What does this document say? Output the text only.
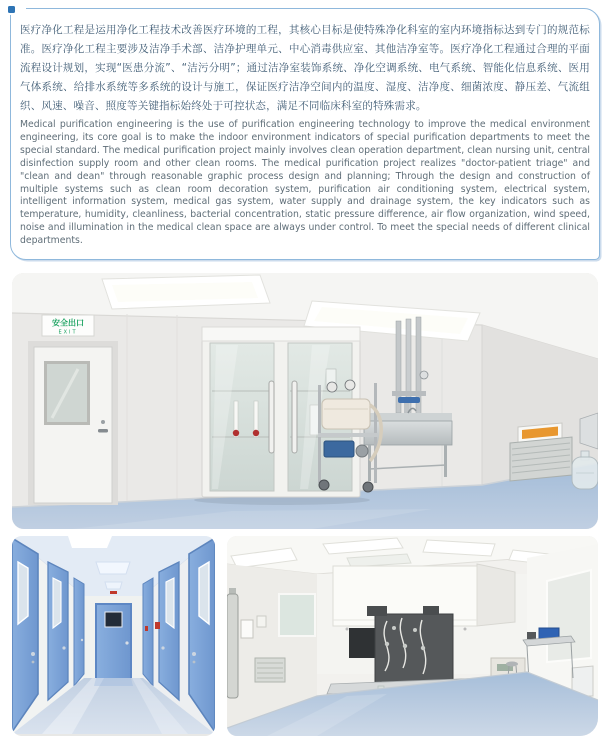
医疗净化工程是运用净化工程技术改善医疗环境的工程，其核心目标是使特殊净化科室的室内环境指标达到专门的规范标准。医疗净化工程主要涉及洁净手术部、洁净护理单元、中心消毒供应室、其他洁净室等。医疗净化工程通过合理的平面流程设计规划，实现“医患分流”、“洁污分明”；通过洁净室装饰系统、净化空调系统、电气系统、智能化信息系统、医用气体系统、给排水系统等多系统的设计与施工，保证医疗洁净空间内的温度、湿度、洁净度、细菌浓度、静压差、气流组织、风速、噪音、照度等关键指标始终处于可控状态，满足不同临床科室的特殊需求。

Medical purification engineering is the use of purification engineering technology to improve the medical environment engineering, its core goal is to make the indoor environment indicators of special purification departments to meet the special standard. The medical purification project mainly involves clean operation department, clean nursing unit, central disinfection supply room and other clean rooms. The medical purification project realizes "doctor-patient triage" and "clean and dean" through reasonable graphic process design and planning; Through the design and construction of multiple systems such as clean room decoration system, purification air conditioning system, electrical system, intelligent information system, medical gas system, water supply and drainage system, the key indicators such as temperature, humidity, cleanliness, bacterial concentration, static pressure difference, air flow organization, wind speed, noise and illumination in the medical clean space are always under control. To meet the special needs of different clinical departments.

安全出口
EXIT
